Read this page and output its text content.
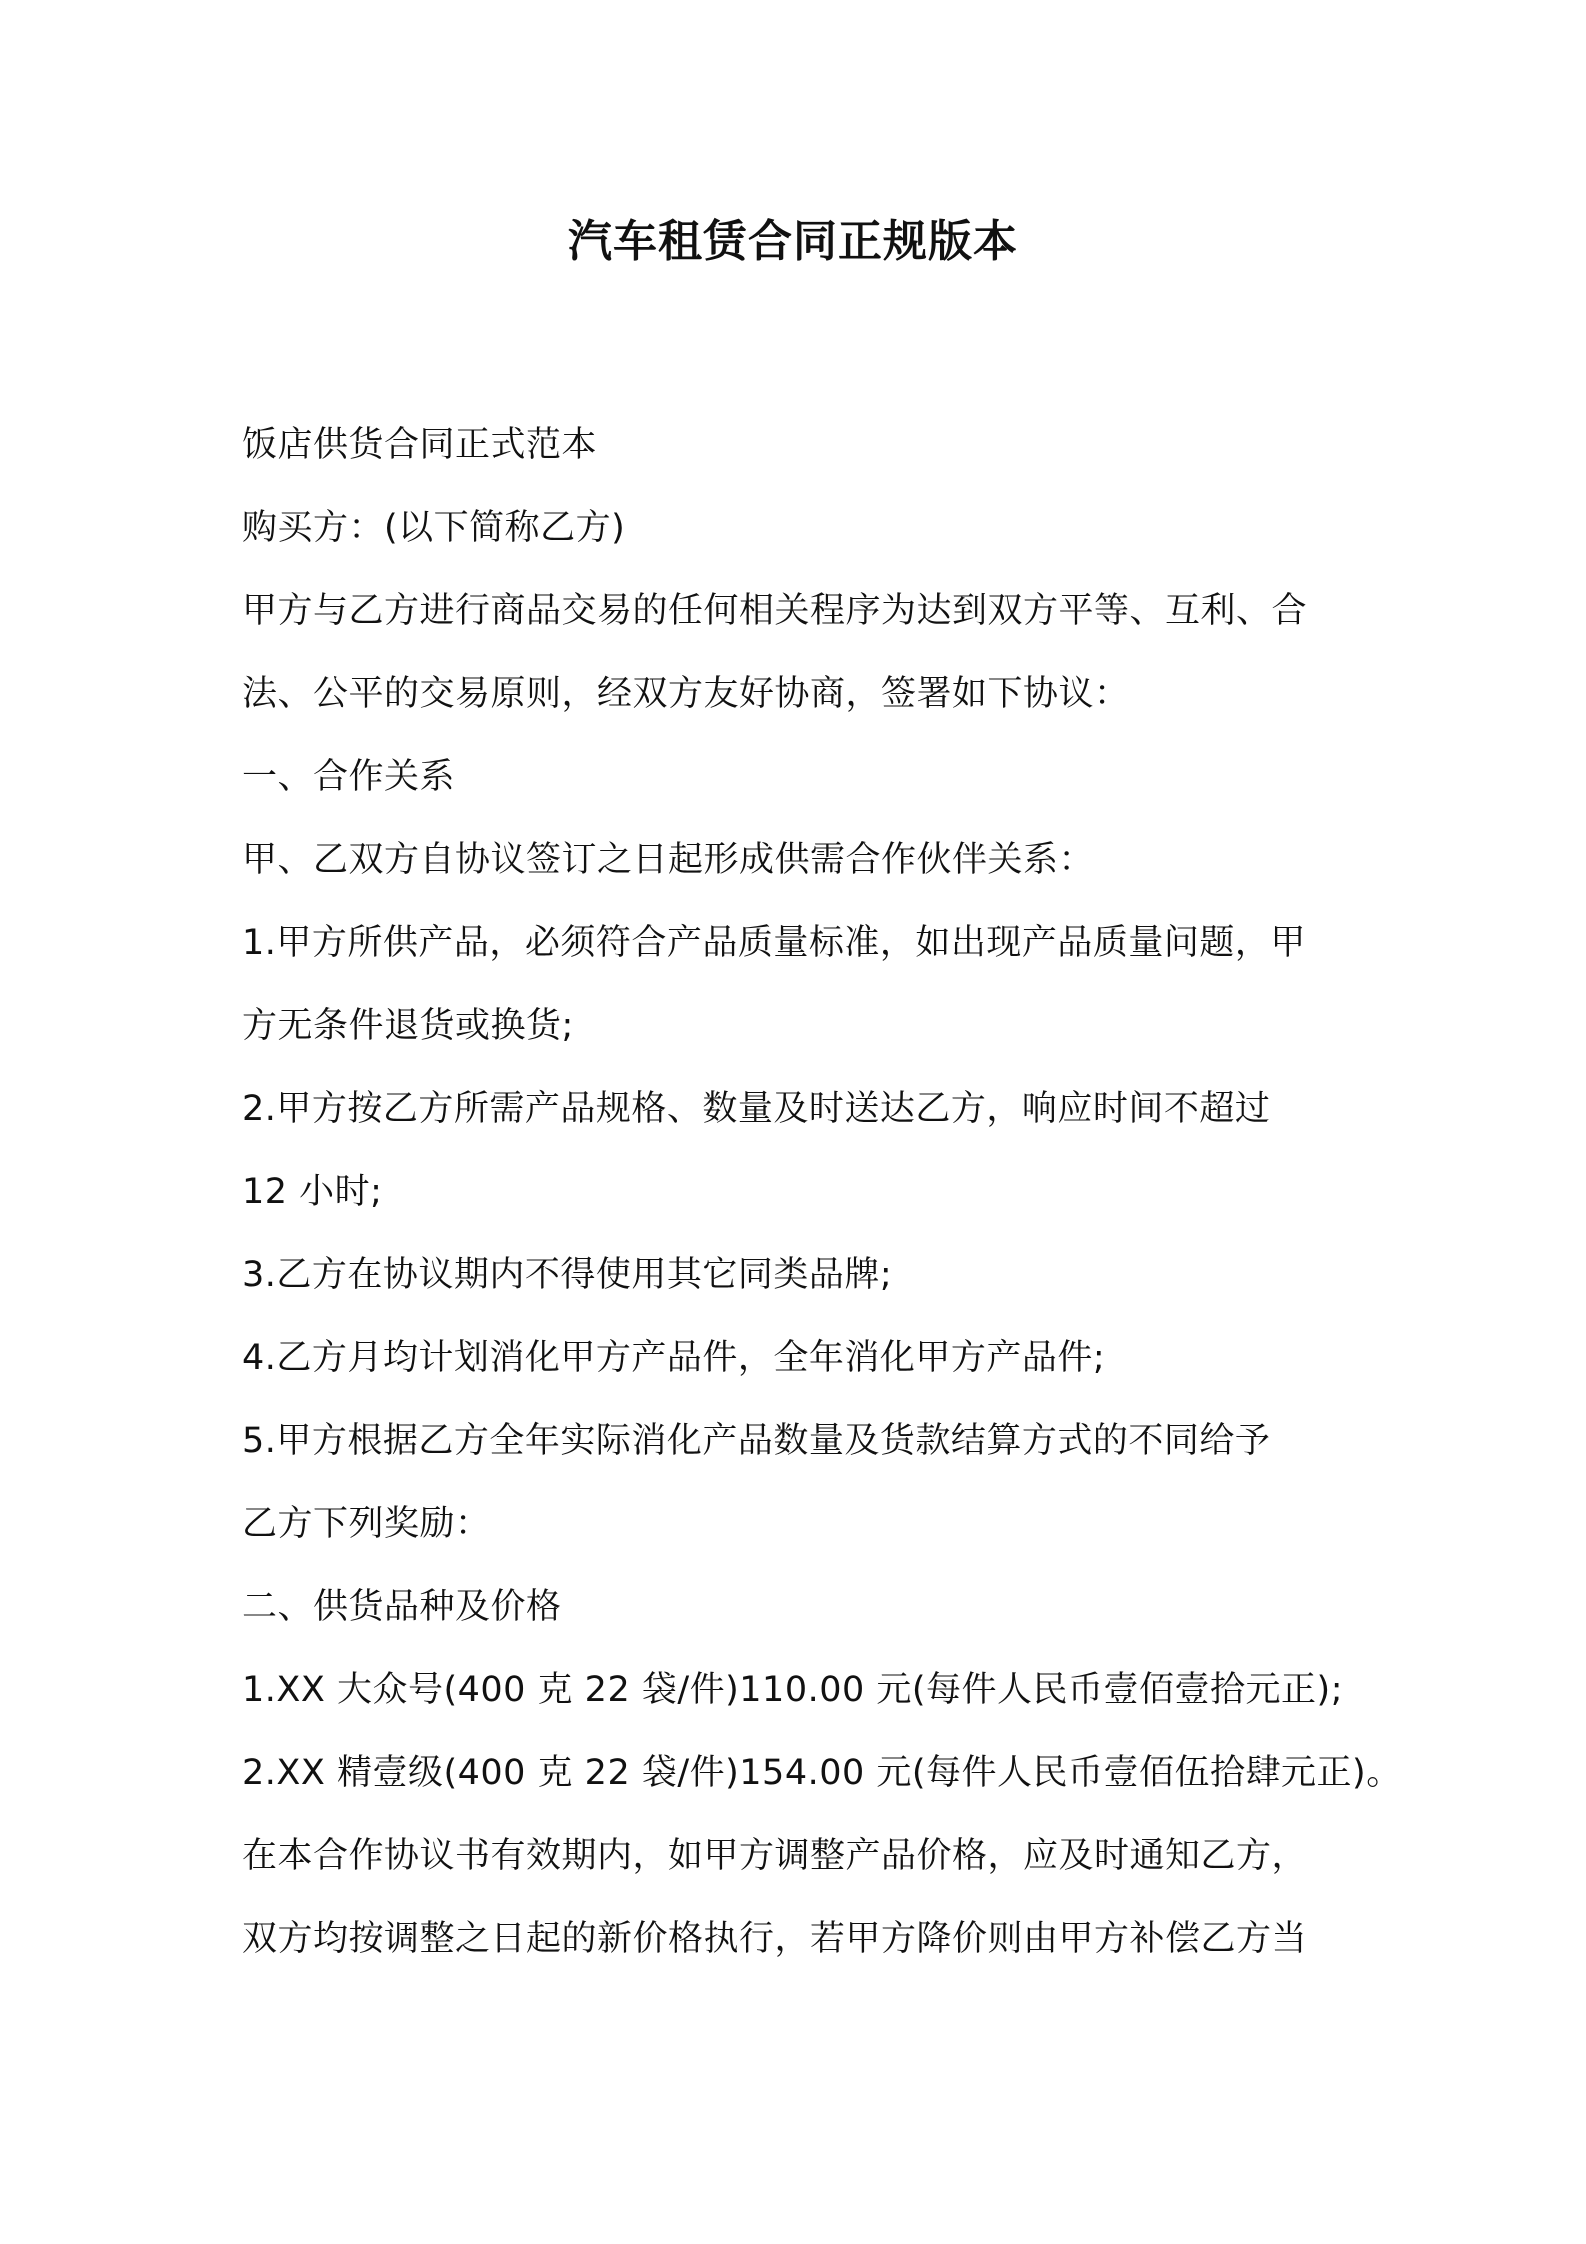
汽车租赁合同正规版本
饭店供货合同正式范本
购买方：(以下简称乙方)
甲方与乙方进行商品交易的任何相关程序为达到双方平等、互利、合
法、公平的交易原则，经双方友好协商，签署如下协议：
一、合作关系
甲、乙双方自协议签订之日起形成供需合作伙伴关系：
1.甲方所供产品，必须符合产品质量标准，如出现产品质量问题，甲
方无条件退货或换货;
2.甲方按乙方所需产品规格、数量及时送达乙方，响应时间不超过
12 小时;
3.乙方在协议期内不得使用其它同类品牌;
4.乙方月均计划消化甲方产品件，全年消化甲方产品件;
5.甲方根据乙方全年实际消化产品数量及货款结算方式的不同给予
乙方下列奖励：
二、供货品种及价格
1.XX 大众号(400 克 22 袋/件)110.00 元(每件人民币壹佰壹拾元正);
2.XX 精壹级(400 克 22 袋/件)154.00 元(每件人民币壹佰伍拾肆元正)。
在本合作协议书有效期内，如甲方调整产品价格，应及时通知乙方，
双方均按调整之日起的新价格执行，若甲方降价则由甲方补偿乙方当
